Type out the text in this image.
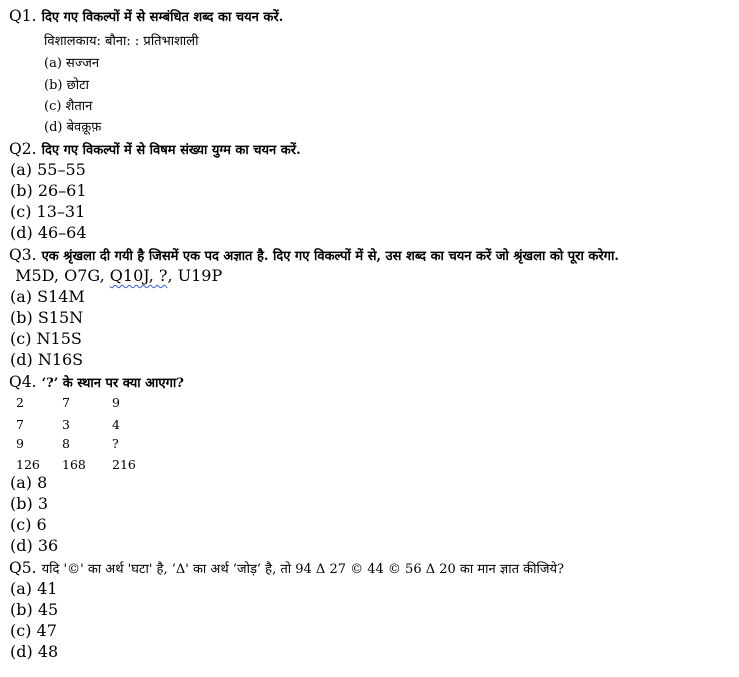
Q1. दिए गए विकल्पों में से सम्बंधित शब्द का चयन करें.
विशालकाय: बौना: : प्रतिभाशाली
(a) सज्जन
(b) छोटा
(c) शैतान
(d) बेवक़ूफ़
Q2. दिए गए विकल्पों में से विषम संख्या युग्म का चयन करें.
(a) 55–55
(b) 26–61
(c) 13–31
(d) 46–64
Q3. एक श्रृंखला दी गयी है जिसमें एक पद अज्ञात है. दिए गए विकल्पों में से, उस शब्द का चयन करें जो श्रृंखला को पूरा करेगा.
M5D, O7G, Q10J, ?, U19P
(a) S14M
(b) S15N
(c) N15S
(d) N16S
Q4. ‘?’ के स्थान पर क्या आएगा?
2	7	9
7	3	4
9	8	?
126 168 216
(a) 8
(b) 3
(c) 6
(d) 36
Q5. यदि '©' का अर्थ 'घटा' है, ‘Δ' का अर्थ ‘जोड़’ है, तो 94 Δ 27 © 44 © 56 Δ 20 का मान ज्ञात कीजिये?
(a) 41
(b) 45
(c) 47
(d) 48
